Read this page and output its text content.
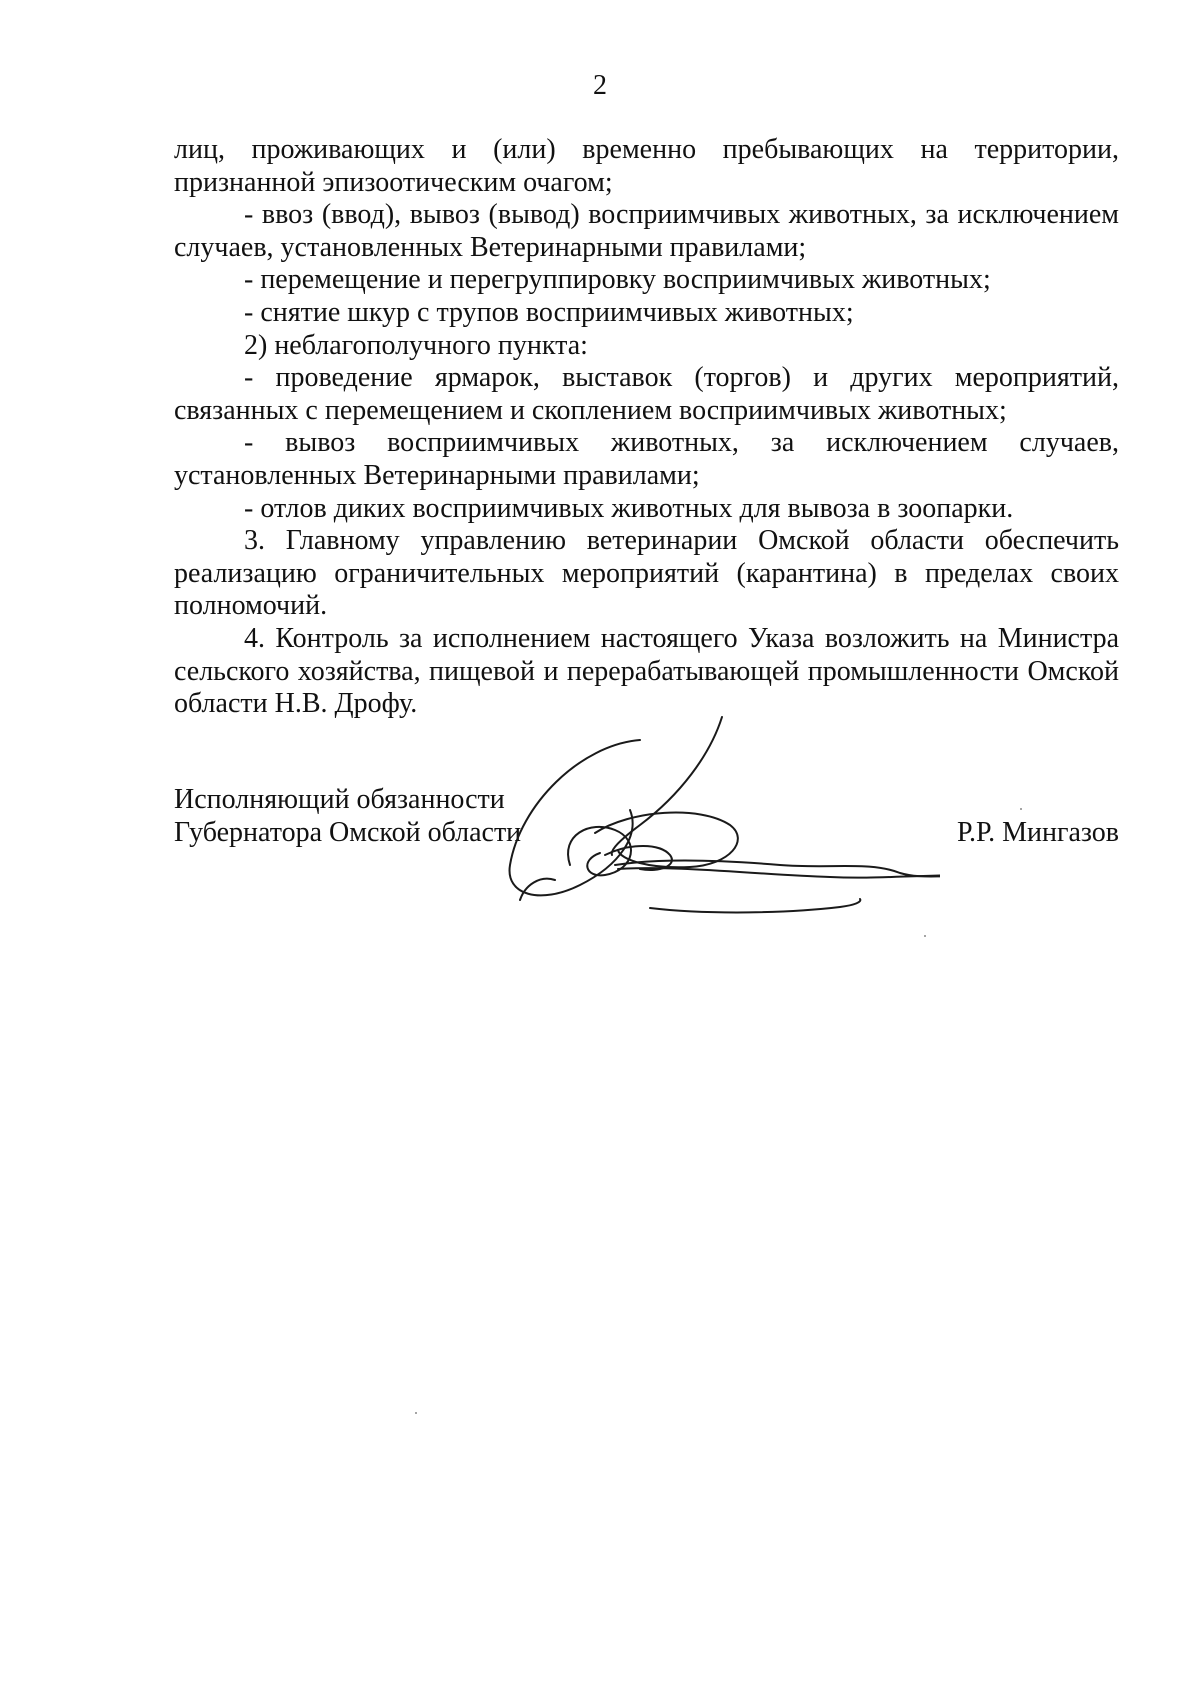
2

лиц, проживающих и (или) временно пребывающих на территории, признанной эпизоотическим очагом;

- ввоз (ввод), вывоз (вывод) восприимчивых животных, за исключением случаев, установленных Ветеринарными правилами;

- перемещение и перегруппировку восприимчивых животных;

- снятие шкур с трупов восприимчивых животных;

2) неблагополучного пункта:

- проведение ярмарок, выставок (торгов) и других мероприятий, связанных с перемещением и скоплением восприимчивых животных;

- вывоз восприимчивых животных, за исключением случаев, установленных Ветеринарными правилами;

- отлов диких восприимчивых животных для вывоза в зоопарки.

3. Главному управлению ветеринарии Омской области обеспечить реализацию ограничительных мероприятий (карантина) в пределах своих полномочий.

4. Контроль за исполнением настоящего Указа возложить на Министра сельского хозяйства, пищевой и перерабатывающей промышленности Омской области Н.В. Дрофу.

Исполняющий обязанности
Губернатора Омской области	Р.Р. Мингазов
